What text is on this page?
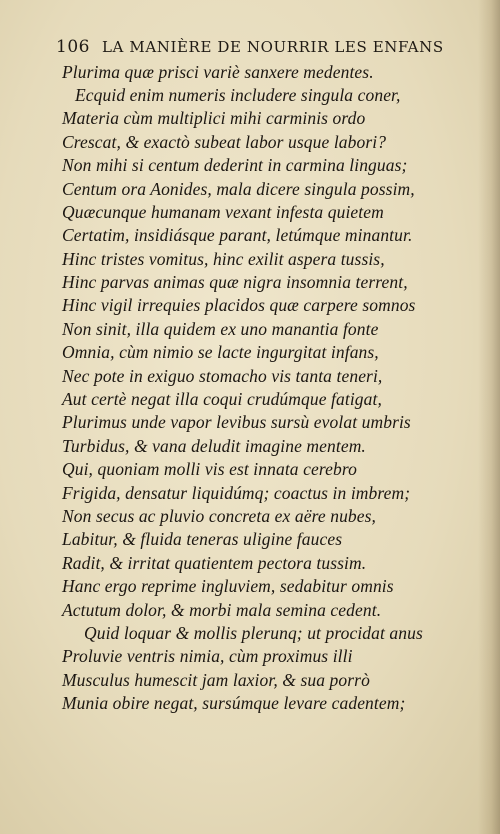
106 LA MANIÈRE DE NOURRIR LES ENFANS
Plurima quæ prisci variè sanxere medentes.
Ecquid enim numeris includere singula coner,
Materia cùm multiplici mihi carminis ordo
Crescat, & exactò subeat labor usque labori?
Non mihi si centum dederint in carmina linguas;
Centum ora Aonides, mala dicere singula possim,
Quæcunque humanam vexant infesta quietem
Certatim, insidiásque parant, letúmque minantur.
Hinc tristes vomitus, hinc exilit aspera tussis,
Hinc parvas animas quæ nigra insomnia terrent,
Hinc vigil irrequies placidos quæ carpere somnos
Non sinit, illa quidem ex uno manantia fonte
Omnia, cùm nimio se lacte ingurgitat infans,
Nec pote in exiguo stomacho vis tanta teneri,
Aut certè negat illa coqui crudúmque fatigat,
Plurimus unde vapor levibus sursù evolat umbris
Turbidus, & vana deludit imagine mentem.
Qui, quoniam molli vis est innata cerebro
Frigida, densatur liquidúmq; coactus in imbrem;
Non secus ac pluvio concreta ex aëre nubes,
Labitur, & fluida teneras uligine fauces
Radit, & irritat quatientem pectora tussim.
Hanc ergo reprime ingluviem, sedabitur omnis
Actutum dolor, & morbi mala semina cedent.
Quid loquar & mollis plerunq; ut procidat anus
Proluvie ventris nimia, cùm proximus illi
Musculus humescit jam laxior, & sua porrò
Munia obire negat, sursúmque levare cadentem;
